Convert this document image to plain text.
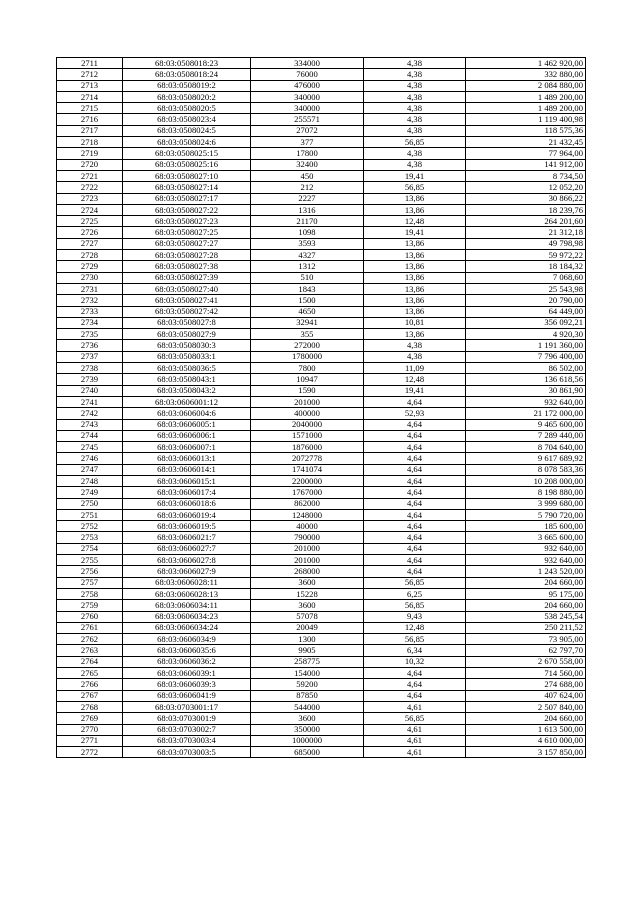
2711	68:03:0508018:23	334000	4,38	1 462 920,00
2712	68:03:0508018:24	76000	4,38	332 880,00
2713	68:03:0508019:2	476000	4,38	2 084 880,00
2714	68:03:0508020:2	340000	4,38	1 489 200,00
2715	68:03:0508020:5	340000	4,38	1 489 200,00
2716	68:03:0508023:4	255571	4,38	1 119 400,98
2717	68:03:0508024:5	27072	4,38	118 575,36
2718	68:03:0508024:6	377	56,85	21 432,45
2719	68:03:0508025:15	17800	4,38	77 964,00
2720	68:03:0508025:16	32400	4,38	141 912,00
2721	68:03:0508027:10	450	19,41	8 734,50
2722	68:03:0508027:14	212	56,85	12 052,20
2723	68:03:0508027:17	2227	13,86	30 866,22
2724	68:03:0508027:22	1316	13,86	18 239,76
2725	68:03:0508027:23	21170	12,48	264 201,60
2726	68:03:0508027:25	1098	19,41	21 312,18
2727	68:03:0508027:27	3593	13,86	49 798,98
2728	68:03:0508027:28	4327	13,86	59 972,22
2729	68:03:0508027:38	1312	13,86	18 184,32
2730	68:03:0508027:39	510	13,86	7 068,60
2731	68:03:0508027:40	1843	13,86	25 543,98
2732	68:03:0508027:41	1500	13,86	20 790,00
2733	68:03:0508027:42	4650	13,86	64 449,00
2734	68:03:0508027:8	32941	10,81	356 092,21
2735	68:03:0508027:9	355	13,86	4 920,30
2736	68:03:0508030:3	272000	4,38	1 191 360,00
2737	68:03:0508033:1	1780000	4,38	7 796 400,00
2738	68:03:0508036:5	7800	11,09	86 502,00
2739	68:03:0508043:1	10947	12,48	136 618,56
2740	68:03:0508043:2	1590	19,41	30 861,90
2741	68:03:0606001:12	201000	4,64	932 640,00
2742	68:03:0606004:6	400000	52,93	21 172 000,00
2743	68:03:0606005:1	2040000	4,64	9 465 600,00
2744	68:03:0606006:1	1571000	4,64	7 289 440,00
2745	68:03:0606007:1	1876000	4,64	8 704 640,00
2746	68:03:0606013:1	2072778	4,64	9 617 689,92
2747	68:03:0606014:1	1741074	4,64	8 078 583,36
2748	68:03:0606015:1	2200000	4,64	10 208 000,00
2749	68:03:0606017:4	1767000	4,64	8 198 880,00
2750	68:03:0606018:6	862000	4,64	3 999 680,00
2751	68:03:0606019:4	1248000	4,64	5 790 720,00
2752	68:03:0606019:5	40000	4,64	185 600,00
2753	68:03:0606021:7	790000	4,64	3 665 600,00
2754	68:03:0606027:7	201000	4,64	932 640,00
2755	68:03:0606027:8	201000	4,64	932 640,00
2756	68:03:0606027:9	268000	4,64	1 243 520,00
2757	68:03:0606028:11	3600	56,85	204 660,00
2758	68:03:0606028:13	15228	6,25	95 175,00
2759	68:03:0606034:11	3600	56,85	204 660,00
2760	68:03:0606034:23	57078	9,43	538 245,54
2761	68:03:0606034:24	20049	12,48	250 211,52
2762	68:03:0606034:9	1300	56,85	73 905,00
2763	68:03:0606035:6	9905	6,34	62 797,70
2764	68:03:0606036:2	258775	10,32	2 670 558,00
2765	68:03:0606039:1	154000	4,64	714 560,00
2766	68:03:0606039:3	59200	4,64	274 688,00
2767	68:03:0606041:9	87850	4,64	407 624,00
2768	68:03:0703001:17	544000	4,61	2 507 840,00
2769	68:03:0703001:9	3600	56,85	204 660,00
2770	68:03:0703002:7	350000	4,61	1 613 500,00
2771	68:03:0703003:4	1000000	4,61	4 610 000,00
2772	68:03:0703003:5	685000	4,61	3 157 850,00
